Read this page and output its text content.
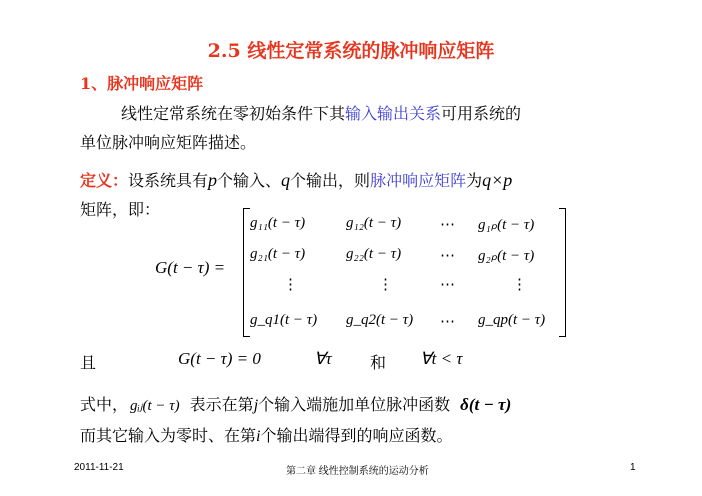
2.5 线性定常系统的脉冲响应矩阵
1、脉冲响应矩阵
线性定常系统在零初始条件下其输入输出关系可用系统的
单位脉冲响应矩阵描述。
定义：设系统具有p个输入、q个输出，则脉冲响应矩阵为q×p
矩阵，即：
G(t − τ) =
g₁₁(t − τ)	g₁₂(t − τ)	⋯ g₁ₚ(t − τ)
g₂₁(t − τ)	g₂₂(t − τ)	⋯ g₂ₚ(t − τ)
⋮	⋮	⋯	⋮
g_q1(t − τ) g_q2(t − τ) ⋯ g_qp(t − τ)
且	G(t − τ) = 0	∀τ 和 ∀t < τ
式中， gᵢⱼ(t − τ) 表示在第j个输入端施加单位脉冲函数 δ(t − τ)
而其它输入为零时、在第i个输出端得到的响应函数。
2011-11-21	第二章 线性控制系统的运动分析	1
